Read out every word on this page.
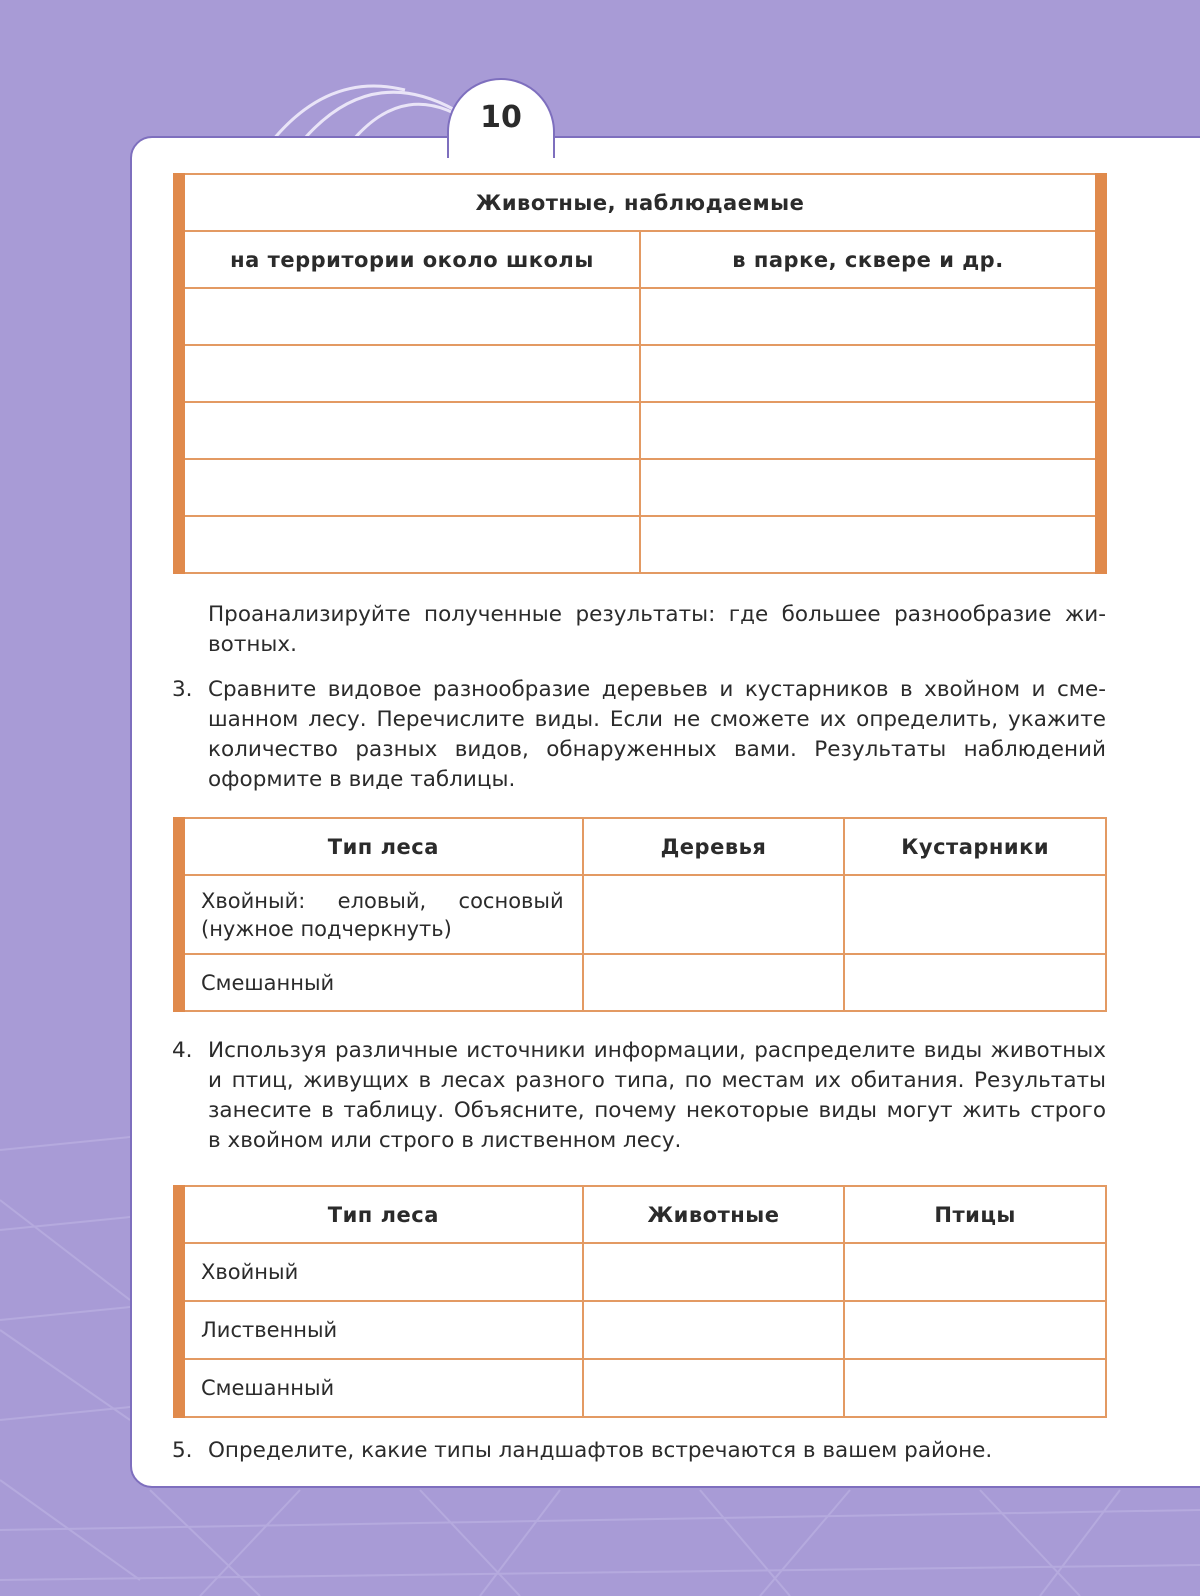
10
Животные, наблюдаемые	
на территории около школы	в парке, сквере и др.

Проанализируйте полученные результаты: где большее разнообразие жи-
вотных.
3. Сравните видовое разнообразие деревьев и кустарников в хвойном и сме-
шанном лесу. Перечислите виды. Если не сможете их определить, укажите
количество разных видов, обнаруженных вами. Результаты наблюдений
оформите в виде таблицы.
Тип леса	Деревья	Кустарники

Хвойный: еловый, сосновый
(нужное подчеркнуть)		

Смешанный		
4. Используя различные источники информации, распределите виды животных
и птиц, живущих в лесах разного типа, по местам их обитания. Результаты
занесите в таблицу. Объясните, почему некоторые виды могут жить строго
в хвойном или строго в лиственном лесу.
Тип леса	Животные	Птицы
Хвойный		
Лиственный		
Смешанный		
5. Определите, какие типы ландшафтов встречаются в вашем районе.
